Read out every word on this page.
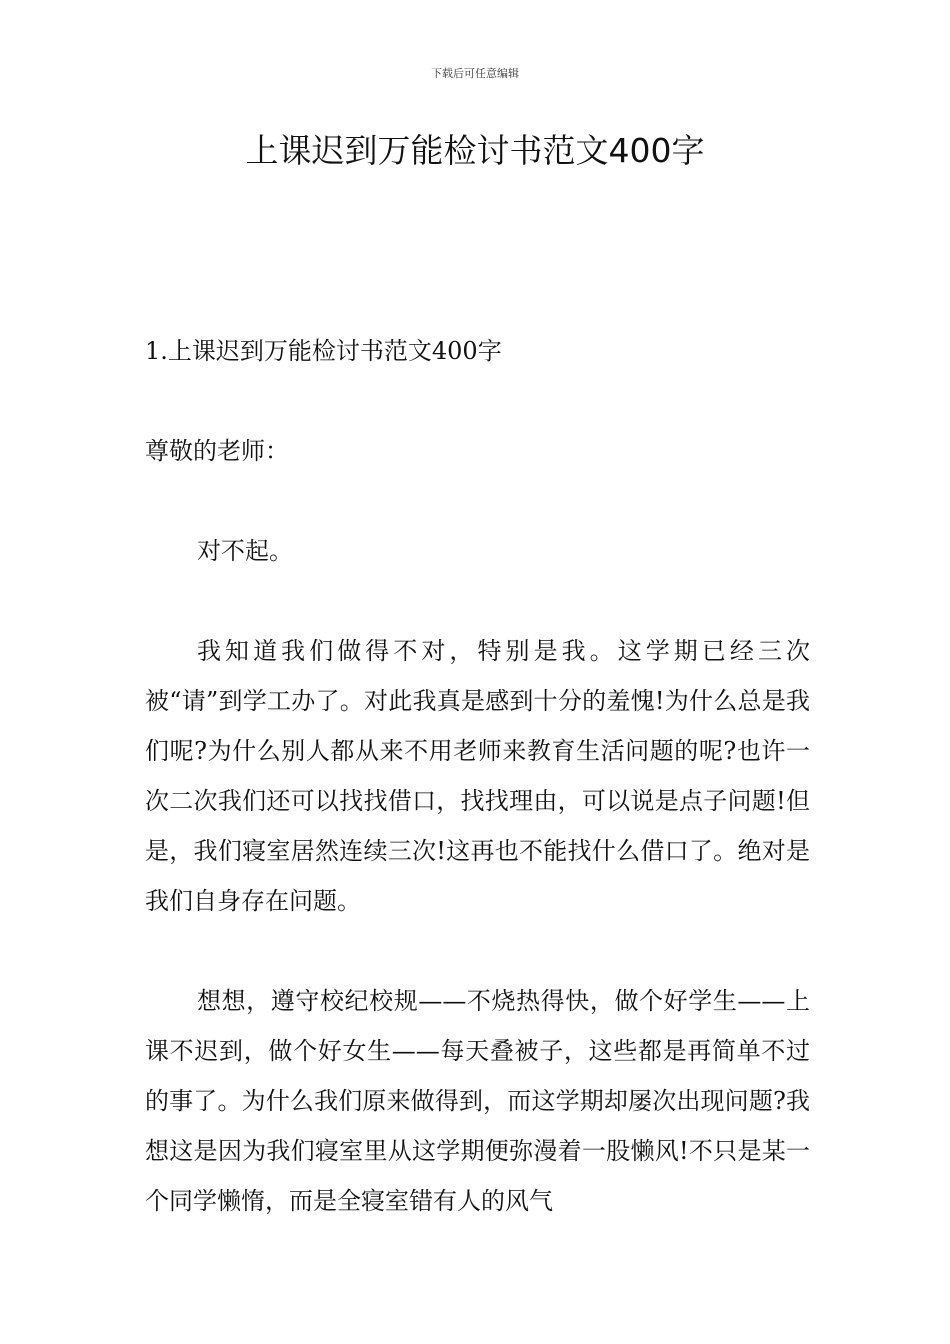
下载后可任意编辑
上课迟到万能检讨书范文400字

1.上课迟到万能检讨书范文400字

尊敬的老师：

对不起。

我知道我们做得不对，特别是我。这学期已经三次被“请”到学工办了。对此我真是感到十分的羞愧!为什么总是我们呢?为什么别人都从来不用老师来教育生活问题的呢?也许一次二次我们还可以找找借口，找找理由，可以说是点子问题!但是，我们寝室居然连续三次!这再也不能找什么借口了。绝对是我们自身存在问题。

想想，遵守校纪校规——不烧热得快，做个好学生——上课不迟到，做个好女生——每天叠被子，这些都是再简单不过的事了。为什么我们原来做得到，而这学期却屡次出现问题?我想这是因为我们寝室里从这学期便弥漫着一股懒风!不只是某一个同学懒惰，而是全寝室错有人的风气
